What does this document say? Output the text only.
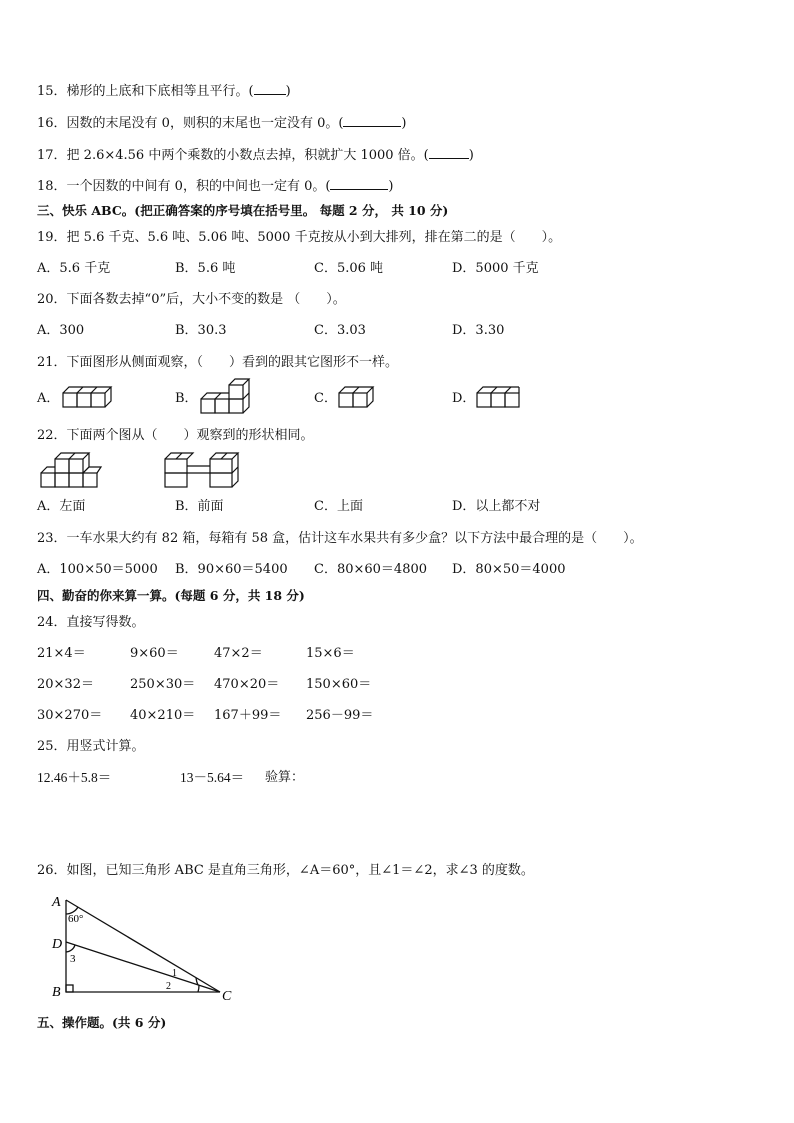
15．梯形的上底和下底相等且平行。( )
16．因数的末尾没有 0，则积的末尾也一定没有 0。(	)
17．把 2.6×4.56 中两个乘数的小数点去掉，积就扩大 1000 倍。(	)
18．一个因数的中间有 0，积的中间也一定有 0。(	)
三、快乐 ABC。(把正确答案的序号填在括号里。 每题 2 分， 共 10 分)
19．把 5.6 千克、5.6 吨、5.06 吨、5000 千克按从小到大排列，排在第二的是（　　）。
A．5.6 千克	B．5.6 吨	C．5.06 吨	D．5000 千克
20．下面各数去掉“0”后，大小不变的数是 （　　）。
A．300	B．30.3	C．3.03	D．3.30
21．下面图形从侧面观察，（　　）看到的跟其它图形不一样。
A．	B．	C．	D．
22．下面两个图从（　　）观察到的形状相同。
A．左面	B．前面	C．上面	D．以上都不对
23．一车水果大约有 82 箱，每箱有 58 盒，估计这车水果共有多少盒？以下方法中最合理的是（　　）。
A．100×50＝5000 B．90×60＝5400 C．80×60＝4800 D．80×50＝4000
四、勤奋的你来算一算。(每题 6 分，共 18 分)
24．直接写得数。
21×4＝	9×60＝	47×2＝	15×6＝
20×32＝	250×30＝ 470×20＝ 150×60＝
30×270＝ 40×210＝ 167＋99＝ 256－99＝
25．用竖式计算。
12.46＋5.8＝	13－5.64＝ 验算：
26．如图，已知三角形 ABC 是直角三角形，∠A＝60°，且∠1＝∠2，求∠3 的度数。
A
D
B	C
60°
3
1
2
五、操作题。(共 6 分)
